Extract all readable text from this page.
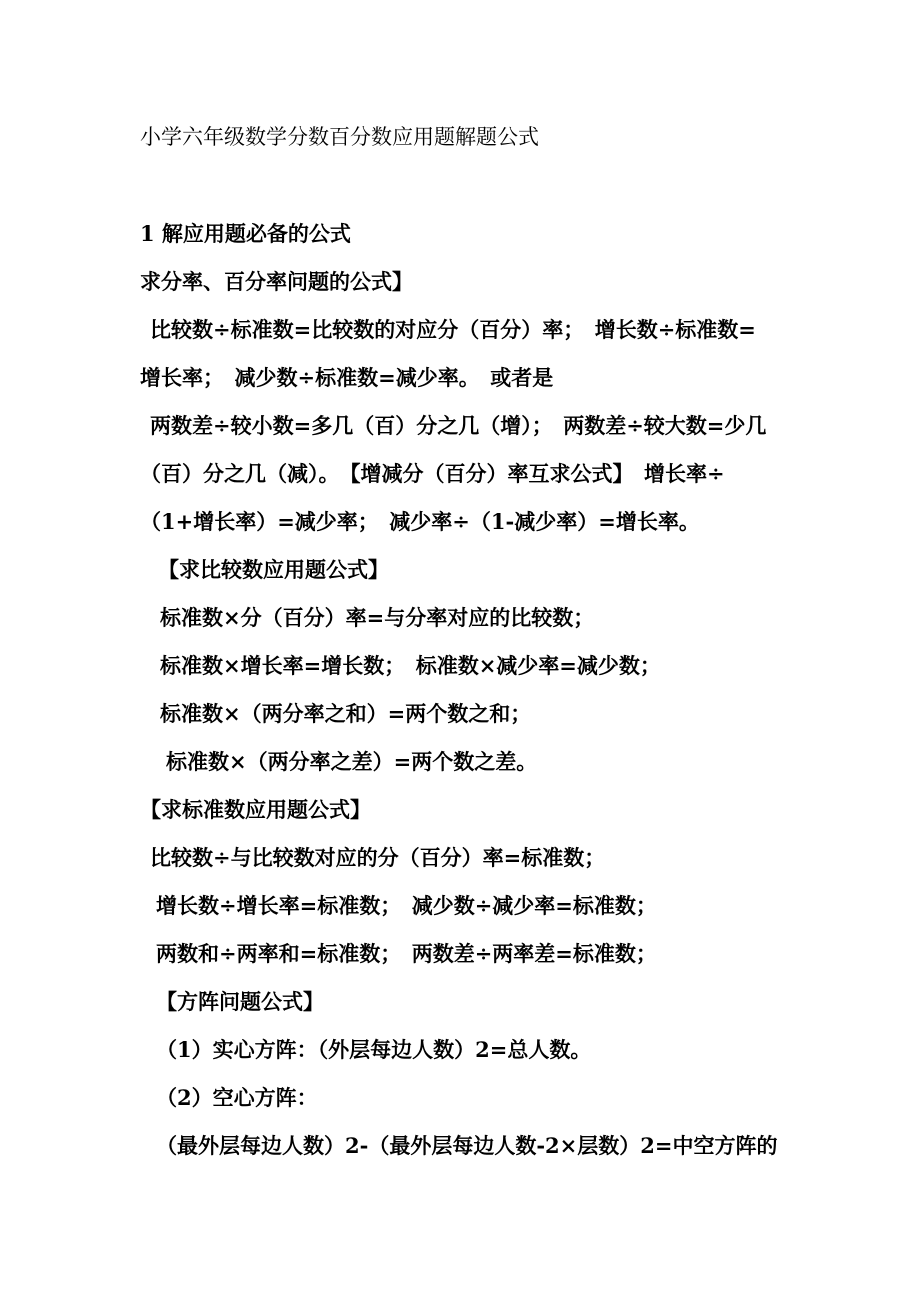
小学六年级数学分数百分数应用题解题公式

1 解应用题必备的公式

求分率、百分率问题的公式】

比较数÷标准数=比较数的对应分（百分）率；　增长数÷标准数=

增长率；　减少数÷标准数=减少率。　或者是

两数差÷较小数=多几（百）分之几（增）；　两数差÷较大数=少几

（百）分之几（减）。　【增减分（百分）率互求公式】　增长率÷

（1+增长率）=减少率；　减少率÷（1-减少率）=增长率。

【求比较数应用题公式】

标准数×分（百分）率=与分率对应的比较数；

标准数×增长率=增长数；　标准数×减少率=减少数；

标准数×（两分率之和）=两个数之和；

标准数×（两分率之差）=两个数之差。

【求标准数应用题公式】

比较数÷与比较数对应的分（百分）率=标准数；

增长数÷增长率=标准数；　减少数÷减少率=标准数；

两数和÷两率和=标准数；　两数差÷两率差=标准数；

【方阵问题公式】

（1）实心方阵：（外层每边人数）2=总人数。

（2）空心方阵：

（最外层每边人数）2-（最外层每边人数-2×层数）2=中空方阵的
